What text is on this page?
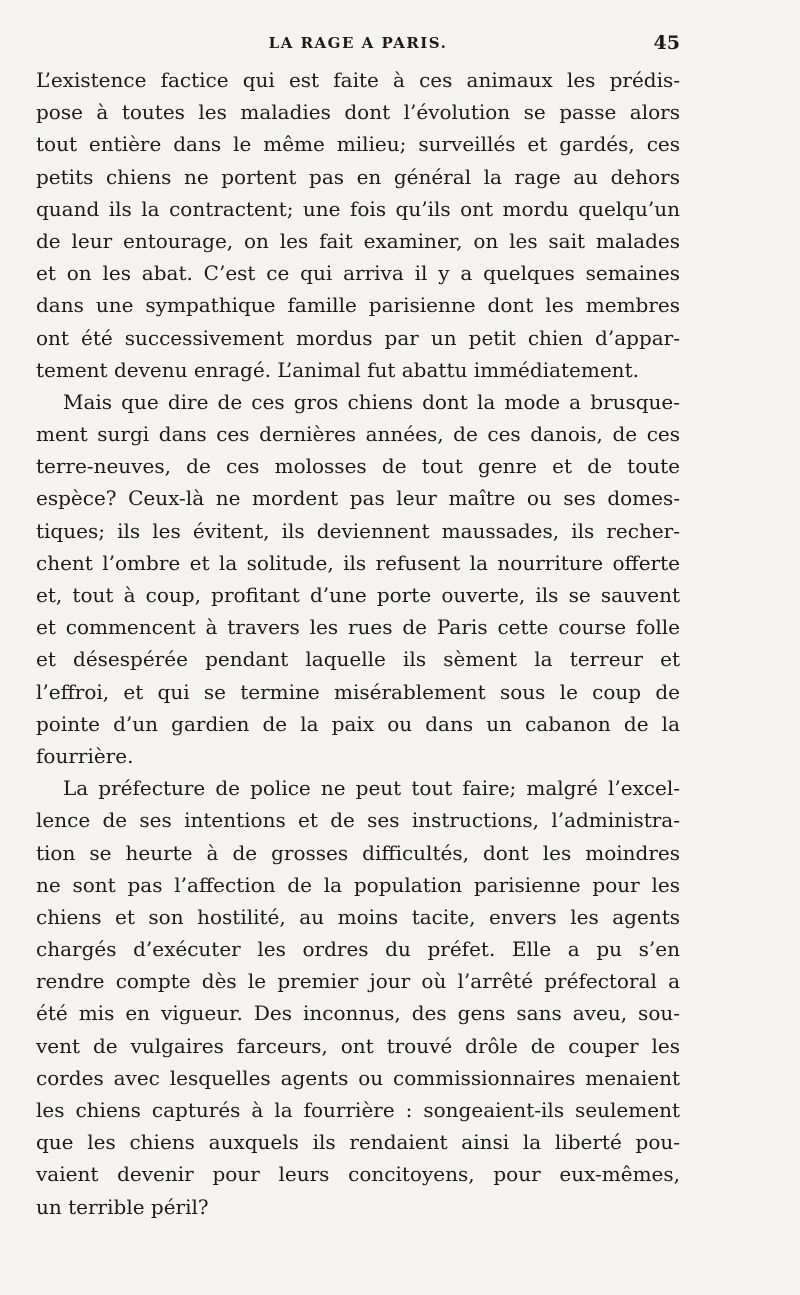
LA RAGE A PARIS.	45
L’existence factice qui est faite à ces animaux les prédis-
pose à toutes les maladies dont l’évolution se passe alors
tout entière dans le même milieu; surveillés et gardés, ces
petits chiens ne portent pas en général la rage au dehors
quand ils la contractent; une fois qu’ils ont mordu quelqu’un
de leur entourage, on les fait examiner, on les sait malades
et on les abat. C’est ce qui arriva il y a quelques semaines
dans une sympathique famille parisienne dont les membres
ont été successivement mordus par un petit chien d’appar-
tement devenu enragé. L’animal fut abattu immédiatement.
Mais que dire de ces gros chiens dont la mode a brusque-
ment surgi dans ces dernières années, de ces danois, de ces
terre-neuves, de ces molosses de tout genre et de toute
espèce? Ceux-là ne mordent pas leur maître ou ses domes-
tiques; ils les évitent, ils deviennent maussades, ils recher-
chent l’ombre et la solitude, ils refusent la nourriture offerte
et, tout à coup, profitant d’une porte ouverte, ils se sauvent
et commencent à travers les rues de Paris cette course folle
et désespérée pendant laquelle ils sèment la terreur et
l’effroi, et qui se termine misérablement sous le coup de
pointe d’un gardien de la paix ou dans un cabanon de la
fourrière.
La préfecture de police ne peut tout faire; malgré l’excel-
lence de ses intentions et de ses instructions, l’administra-
tion se heurte à de grosses difficultés, dont les moindres
ne sont pas l’affection de la population parisienne pour les
chiens et son hostilité, au moins tacite, envers les agents
chargés d’exécuter les ordres du préfet. Elle a pu s’en
rendre compte dès le premier jour où l’arrêté préfectoral a
été mis en vigueur. Des inconnus, des gens sans aveu, sou-
vent de vulgaires farceurs, ont trouvé drôle de couper les
cordes avec lesquelles agents ou commissionnaires menaient
les chiens capturés à la fourrière : songeaient-ils seulement
que les chiens auxquels ils rendaient ainsi la liberté pou-
vaient devenir pour leurs concitoyens, pour eux-mêmes,
un terrible péril?
